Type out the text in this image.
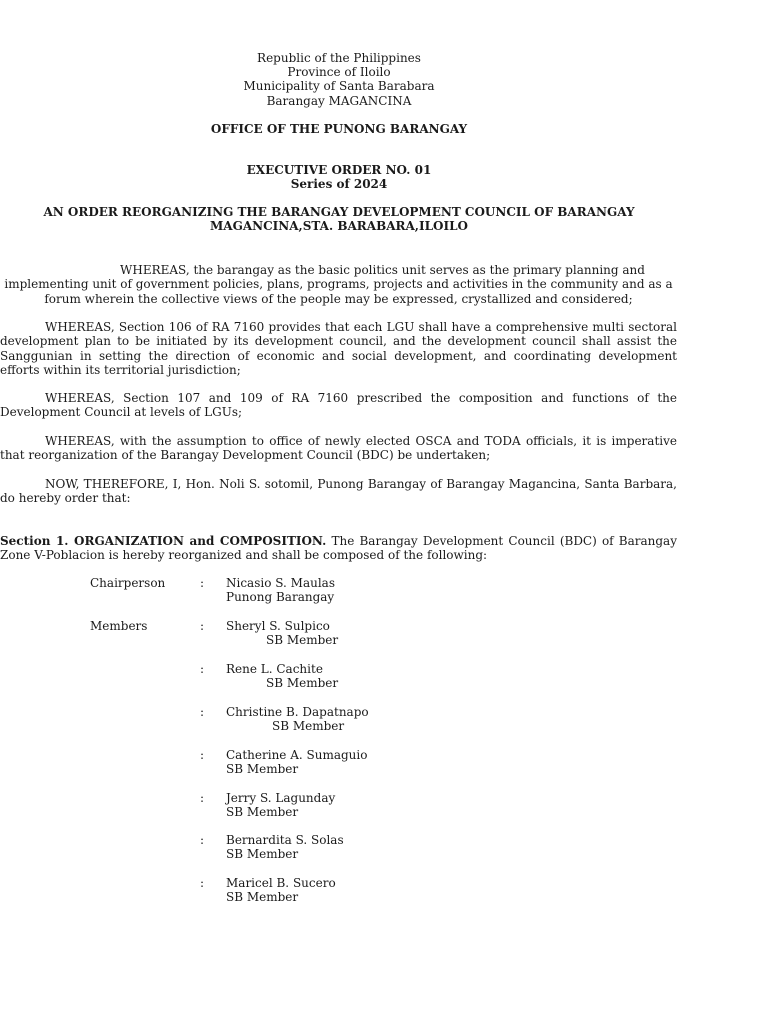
Republic of the Philippines
Province of Iloilo
Municipality of Santa Barabara
Barangay MAGANCINA
OFFICE OF THE PUNONG BARANGAY
EXECUTIVE ORDER NO. 01
Series of 2024
AN ORDER REORGANIZING THE BARANGAY DEVELOPMENT COUNCIL OF BARANGAY
MAGANCINA,STA. BARABARA,ILOILO
WHEREAS, the barangay as the basic politics unit serves as the primary planning and implementing unit of government policies, plans, programs, projects and activities in the community and as a forum wherein the collective views of the people may be expressed, crystallized and considered;
WHEREAS, Section 106 of RA 7160 provides that each LGU shall have a comprehensive multi sectoral development plan to be initiated by its development council, and the development council shall assist the Sanggunian in setting the direction of economic and social development, and coordinating development efforts within its territorial jurisdiction;
WHEREAS, Section 107 and 109 of RA 7160 prescribed the composition and functions of the Development Council at levels of LGUs;
WHEREAS, with the assumption to office of newly elected OSCA and TODA officials, it is imperative that reorganization of the Barangay Development Council (BDC) be undertaken;
NOW, THEREFORE, I, Hon. Noli S. sotomil, Punong Barangay of Barangay Magancina, Santa Barbara, do hereby order that:
Section 1. ORGANIZATION and COMPOSITION. The Barangay Development Council (BDC) of Barangay Zone V-Poblacion is hereby reorganized and shall be composed of the following:
Chairperson	: Nicasio S. Maulas
Punong Barangay
Members	: Sheryl S. Sulpico
SB Member
: Rene L. Cachite
SB Member
: Christine B. Dapatnapo
SB Member
: Catherine A. Sumaguio
SB Member
: Jerry S. Lagunday
SB Member
: Bernardita S. Solas
SB Member
: Maricel B. Sucero
SB Member
